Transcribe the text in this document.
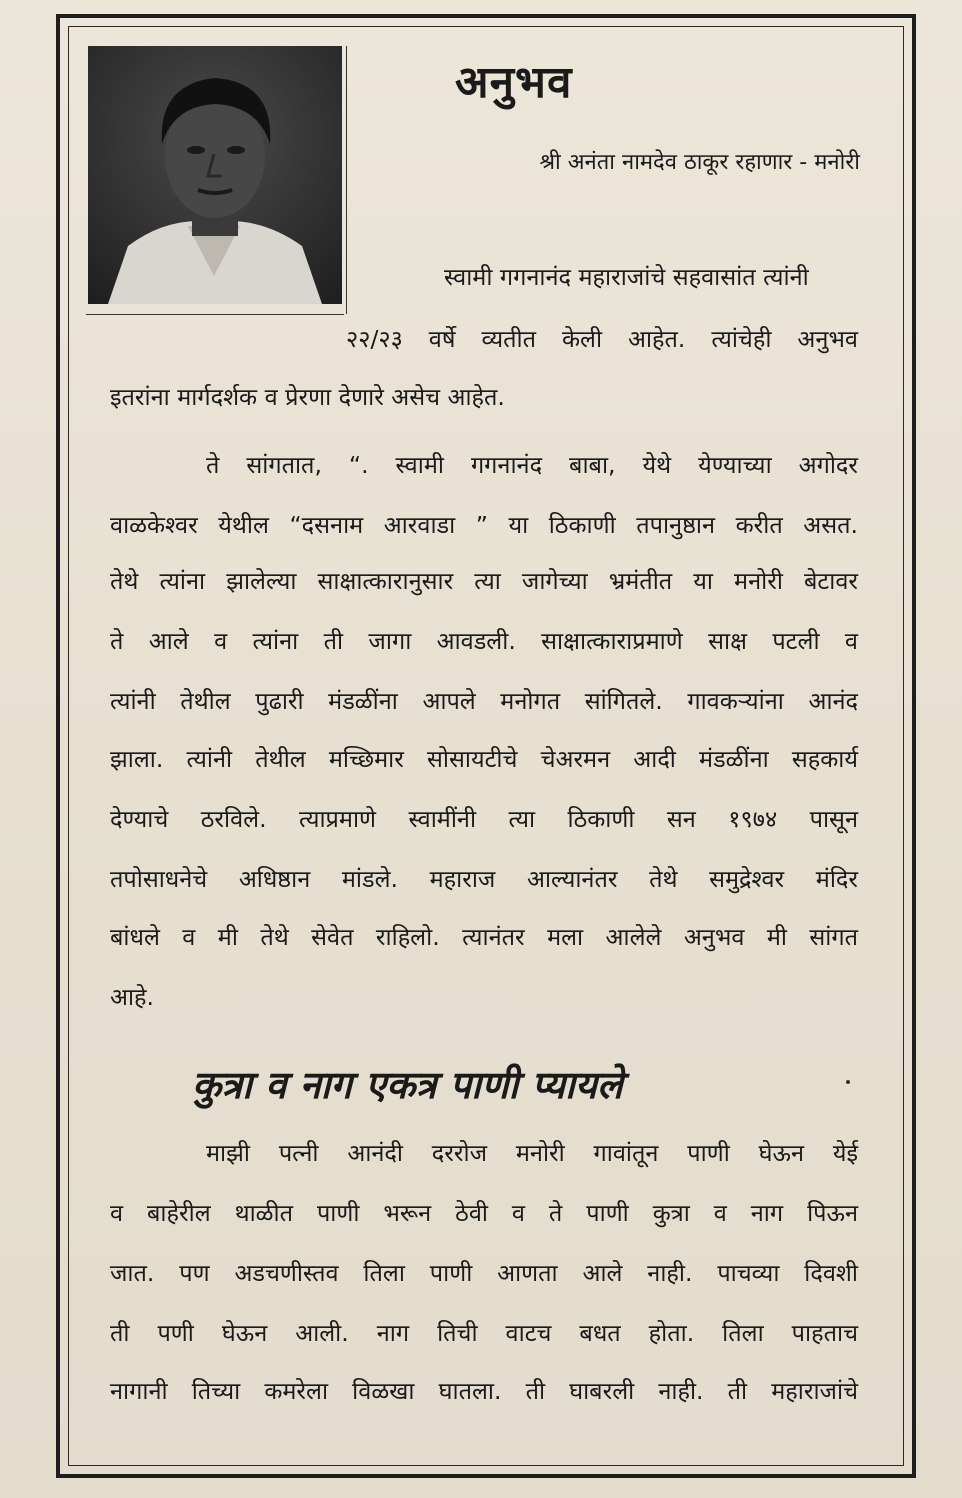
अनुभव
श्री अनंता नामदेव ठाकूर रहाणार - मनोरी
स्वामी गगनानंद महाराजांचे सहवासांत त्यांनी
२२/२३ वर्षे व्यतीत केली आहेत. त्यांचेही अनुभव
इतरांना मार्गदर्शक व प्रेरणा देणारे असेच आहेत.
ते सांगतात, “. स्वामी गगनानंद बाबा, येथे येण्याच्या अगोदर
वाळकेश्वर येथील “दसनाम आरवाडा ” या ठिकाणी तपानुष्ठान करीत असत.
तेथे त्यांना झालेल्या साक्षात्कारानुसार त्या जागेच्या भ्रमंतीत या मनोरी बेटावर
ते आले व त्यांना ती जागा आवडली. साक्षात्काराप्रमाणे साक्ष पटली व
त्यांनी तेथील पुढारी मंडळींना आपले मनोगत सांगितले. गावकऱ्यांना आनंद
झाला. त्यांनी तेथील मच्छिमार सोसायटीचे चेअरमन आदी मंडळींना सहकार्य
देण्याचे ठरविले. त्याप्रमाणे स्वामींनी त्या ठिकाणी सन १९७४ पासून
तपोसाधनेचे अधिष्ठान मांडले. महाराज आल्यानंतर तेथे समुद्रेश्वर मंदिर
बांधले व मी तेथे सेवेत राहिलो. त्यानंतर मला आलेले अनुभव मी सांगत
आहे.
कुत्रा व नाग एकत्र पाणी प्यायले
माझी पत्नी आनंदी दररोज मनोरी गावांतून पाणी घेऊन येई
व बाहेरील थाळीत पाणी भरून ठेवी व ते पाणी कुत्रा व नाग पिऊन
जात. पण अडचणीस्तव तिला पाणी आणता आले नाही. पाचव्या दिवशी
ती पणी घेऊन आली. नाग तिची वाटच बधत होता. तिला पाहताच
नागानी तिच्या कमरेला विळखा घातला. ती घाबरली नाही. ती महाराजांचे
